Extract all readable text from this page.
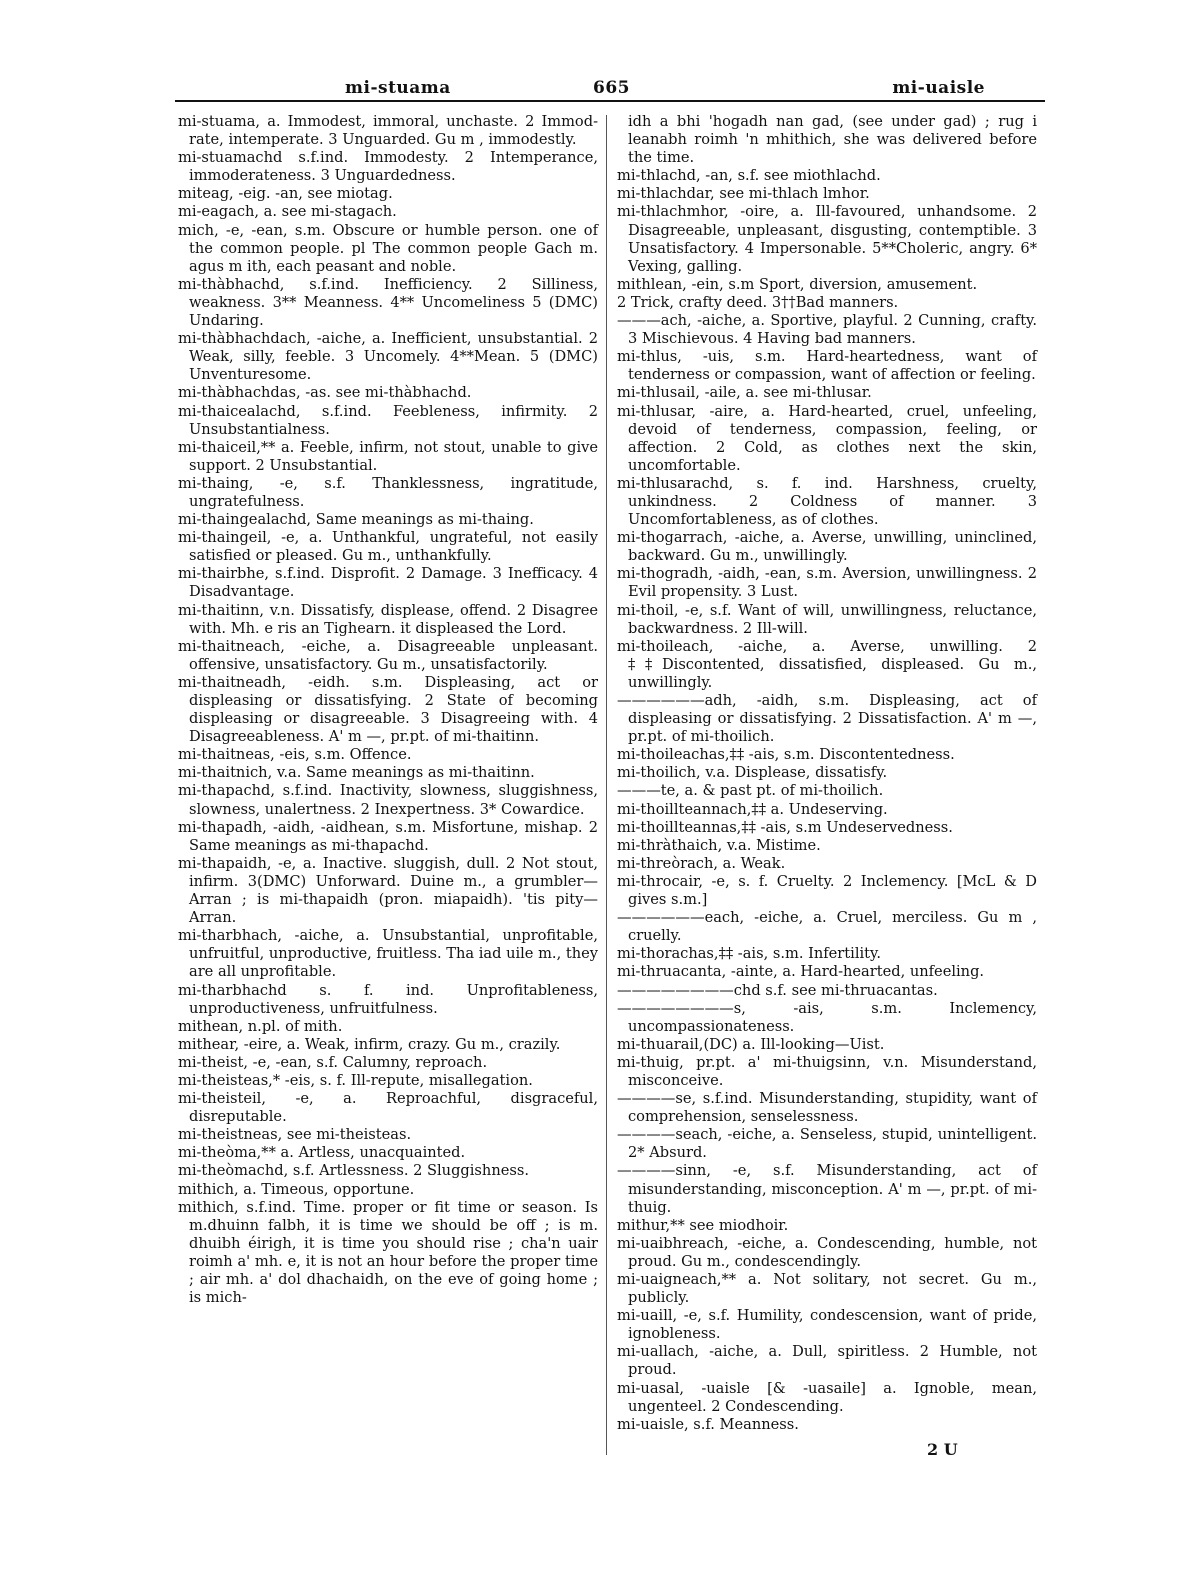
mi-stuama	665	mi-uaisle

mi-stuama, a. Immodest, immoral, unchaste. 2 Immod-rate, intemperate. 3 Unguarded. Gu m , immodestly.

mi-stuamachd s.f.ind. Immodesty. 2 Intemperance, immoderateness. 3 Unguardedness.

miteag, -eig. -an, see miotag.

mi-eagach, a. see mi-stagach.

mich, -e, -ean, s.m. Obscure or humble person. one of the common people. pl The common people Gach m. agus m ith, each peasant and noble.

mi-thàbhachd, s.f.ind. Inefficiency. 2 Silliness, weakness. 3** Meanness. 4** Uncomeliness 5 (DMC) Undaring.

mi-thàbhachdach, -aiche, a. Inefficient, unsubstantial. 2 Weak, silly, feeble. 3 Uncomely. 4**Mean. 5 (DMC) Unventuresome.

mi-thàbhachdas, -as. see mi-thàbhachd.

mi-thaicealachd, s.f.ind. Feebleness, infirmity. 2 Unsubstantialness.

mi-thaiceil,** a. Feeble, infirm, not stout, unable to give support. 2 Unsubstantial.

mi-thaing, -e, s.f. Thanklessness, ingratitude, ungratefulness.

mi-thaingealachd, Same meanings as mi-thaing.

mi-thaingeil, -e, a. Unthankful, ungrateful, not easily satisfied or pleased. Gu m., unthankfully.

mi-thairbhe, s.f.ind. Disprofit. 2 Damage. 3 Inefficacy. 4 Disadvantage.

mi-thaitinn, v.n. Dissatisfy, displease, offend. 2 Disagree with. Mh. e ris an Tighearn. it displeased the Lord.

mi-thaitneach, -eiche, a. Disagreeable unpleasant. offensive, unsatisfactory. Gu m., unsatisfactorily.

mi-thaitneadh, -eidh. s.m. Displeasing, act or displeasing or dissatisfying. 2 State of becoming displeasing or disagreeable. 3 Disagreeing with. 4 Disagreeableness. A' m —, pr.pt. of mi-thaitinn.

mi-thaitneas, -eis, s.m. Offence.

mi-thaitnich, v.a. Same meanings as mi-thaitinn.

mi-thapachd, s.f.ind. Inactivity, slowness, sluggishness, slowness, unalertness. 2 Inexpertness. 3* Cowardice.

mi-thapadh, -aidh, -aidhean, s.m. Misfortune, mishap. 2 Same meanings as mi-thapachd.

mi-thapaidh, -e, a. Inactive. sluggish, dull. 2 Not stout, infirm. 3(DMC) Unforward. Duine m., a grumbler—Arran ; is mi-thapaidh (pron. miapaidh). 'tis pity—Arran.

mi-tharbhach, -aiche, a. Unsubstantial, unprofitable, unfruitful, unproductive, fruitless. Tha iad uile m., they are all unprofitable.

mi-tharbhachd s. f. ind. Unprofitableness, unproductiveness, unfruitfulness.

mithean, n.pl. of mith.

mithear, -eire, a. Weak, infirm, crazy. Gu m., crazily.

mi-theist, -e, -ean, s.f. Calumny, reproach.

mi-theisteas,* -eis, s. f. Ill-repute, misallegation.

mi-theisteil, -e, a. Reproachful, disgraceful, disreputable.

mi-theistneas, see mi-theisteas.

mi-theòma,** a. Artless, unacquainted.

mi-theòmachd, s.f. Artlessness. 2 Sluggishness.

mithich, a. Timeous, opportune.

mithich, s.f.ind. Time. proper or fit time or season. Is m.dhuinn falbh, it is time we should be off ; is m. dhuibh éirigh, it is time you should rise ; cha'n uair roimh a' mh. e, it is not an hour before the proper time ; air mh. a' dol dhachaidh, on the eve of going home ; is mich-

idh a bhi 'hogadh nan gad, (see under gad) ; rug i leanabh roimh 'n mhithich, she was delivered before the time.

mi-thlachd, -an, s.f. see miothlachd.

mi-thlachdar, see mi-thlach lmhor.

mi-thlachmhor, -oire, a. Ill-favoured, unhandsome. 2 Disagreeable, unpleasant, disgusting, contemptible. 3 Unsatisfactory. 4 Impersonable. 5**Choleric, angry. 6* Vexing, galling.

mithlean, -ein, s.m Sport, diversion, amusement.

2 Trick, crafty deed. 3††Bad manners.

———ach, -aiche, a. Sportive, playful. 2 Cunning, crafty. 3 Mischievous. 4 Having bad manners.

mi-thlus, -uis, s.m. Hard-heartedness, want of tenderness or compassion, want of affection or feeling.

mi-thlusail, -aile, a. see mi-thlusar.

mi-thlusar, -aire, a. Hard-hearted, cruel, unfeeling, devoid of tenderness, compassion, feeling, or affection. 2 Cold, as clothes next the skin, uncomfortable.

mi-thlusarachd, s. f. ind. Harshness, cruelty, unkindness. 2 Coldness of manner. 3 Uncomfortableness, as of clothes.

mi-thogarrach, -aiche, a. Averse, unwilling, uninclined, backward. Gu m., unwillingly.

mi-thogradh, -aidh, -ean, s.m. Aversion, unwillingness. 2 Evil propensity. 3 Lust.

mi-thoil, -e, s.f. Want of will, unwillingness, reluctance, backwardness. 2 Ill-will.

mi-thoileach, -aiche, a. Averse, unwilling. 2 ‡‡Discontented, dissatisfied, displeased. Gu m., unwillingly.

——————adh, -aidh, s.m. Displeasing, act of displeasing or dissatisfying. 2 Dissatisfaction. A' m —, pr.pt. of mi-thoilich.

mi-thoileachas,‡‡ -ais, s.m. Discontentedness.

mi-thoilich, v.a. Displease, dissatisfy.

———te, a. & past pt. of mi-thoilich.

mi-thoillteannach,‡‡ a. Undeserving.

mi-thoillteannas,‡‡ -ais, s.m Undeservedness.

mi-thràthaich, v.a. Mistime.

mi-threòrach, a. Weak.

mi-throcair, -e, s. f. Cruelty. 2 Inclemency. [McL & D gives s.m.]

——————each, -eiche, a. Cruel, merciless. Gu m , cruelly.

mi-thorachas,‡‡ -ais, s.m. Infertility.

mi-thruacanta, -ainte, a. Hard-hearted, unfeeling.

————————chd s.f. see mi-thruacantas.

————————s, -ais, s.m. Inclemency, uncompassionateness.

mi-thuarail,(DC) a. Ill-looking—Uist.

mi-thuig, pr.pt. a' mi-thuigsinn, v.n. Misunderstand, misconceive.

————se, s.f.ind. Misunderstanding, stupidity, want of comprehension, senselessness.

————seach, -eiche, a. Senseless, stupid, unintelligent. 2* Absurd.

————sinn, -e, s.f. Misunderstanding, act of misunderstanding, misconception. A' m —, pr.pt. of mi-thuig.

mithur,** see miodhoir.

mi-uaibhreach, -eiche, a. Condescending, humble, not proud. Gu m., condescendingly.

mi-uaigneach,** a. Not solitary, not secret. Gu m., publicly.

mi-uaill, -e, s.f. Humility, condescension, want of pride, ignobleness.

mi-uallach, -aiche, a. Dull, spiritless. 2 Humble, not proud.

mi-uasal, -uaisle [& -uasaile] a. Ignoble, mean, ungenteel. 2 Condescending.

mi-uaisle, s.f. Meanness.

2 U
